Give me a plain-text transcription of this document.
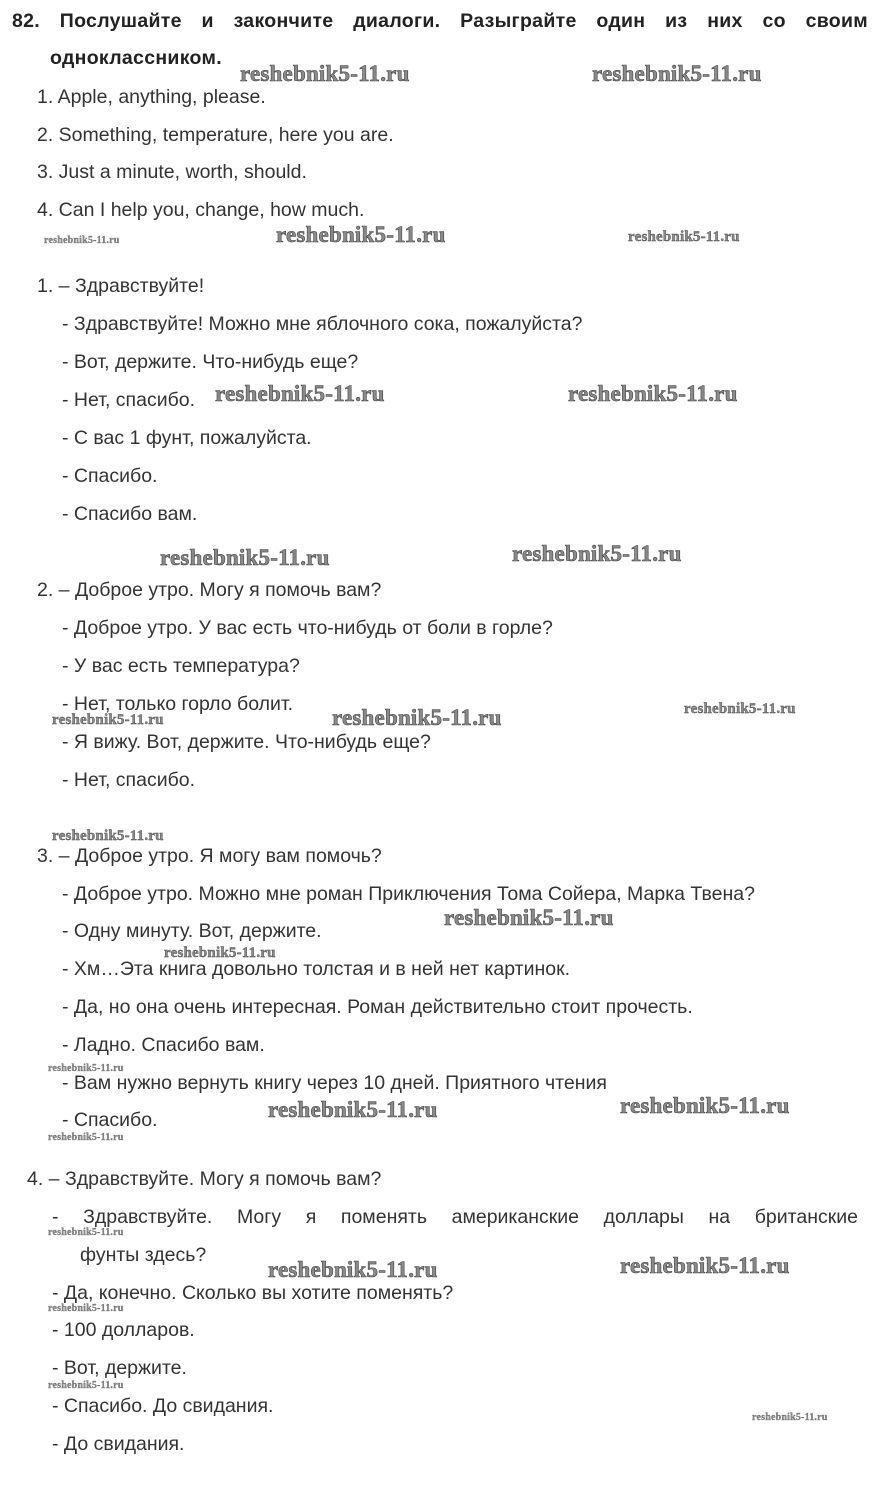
82. Послушайте и закончите диалоги. Разыграйте один из них со своим
одноклассником.
1. Apple, anything, please.
2. Something, temperature, here you are.
3. Just a minute, worth, should.
4. Can I help you, change, how much.
1. – Здравствуйте!
- Здравствуйте! Можно мне яблочного сока, пожалуйста?
- Вот, держите. Что-нибудь еще?
- Нет, спасибо.
- С вас 1 фунт, пожалуйста.
- Спасибо.
- Спасибо вам.
2. – Доброе утро. Могу я помочь вам?
- Доброе утро. У вас есть что-нибудь от боли в горле?
- У вас есть температура?
- Нет, только горло болит.
- Я вижу. Вот, держите. Что-нибудь еще?
- Нет, спасибо.
3. – Доброе утро. Я могу вам помочь?
- Доброе утро. Можно мне роман Приключения Тома Сойера, Марка Твена?
- Одну минуту. Вот, держите.
- Хм…Эта книга довольно толстая и в ней нет картинок.
- Да, но она очень интересная. Роман действительно стоит прочесть.
- Ладно. Спасибо вам.
- Вам нужно вернуть книгу через 10 дней. Приятного чтения
- Спасибо.
4. – Здравствуйте. Могу я помочь вам?
- Здравствуйте. Могу я поменять американские доллары на британские
фунты здесь?
- Да, конечно. Сколько вы хотите поменять?
- 100 долларов.
- Вот, держите.
- Спасибо. До свидания.
- До свидания.
reshebnik5-11.ru	reshebnik5-11.ru
reshebnik5-11.ru
reshebnik5-11.ru	reshebnik5-11.ru
reshebnik5-11.ru	reshebnik5-11.ru
reshebnik5-11.ru	reshebnik5-11.ru
reshebnik5-11.ru	reshebnik5-11.ru
reshebnik5-11.ru
reshebnik5-11.ru
reshebnik5-11.ru
reshebnik5-11.ru
reshebnik5-11.ru
reshebnik5-11.ru	reshebnik5-11.ru
reshebnik5-11.ru
reshebnik5-11.ru
reshebnik5-11.ru	reshebnik5-11.ru
reshebnik5-11.ru
reshebnik5-11.ru
reshebnik5-11.ru
